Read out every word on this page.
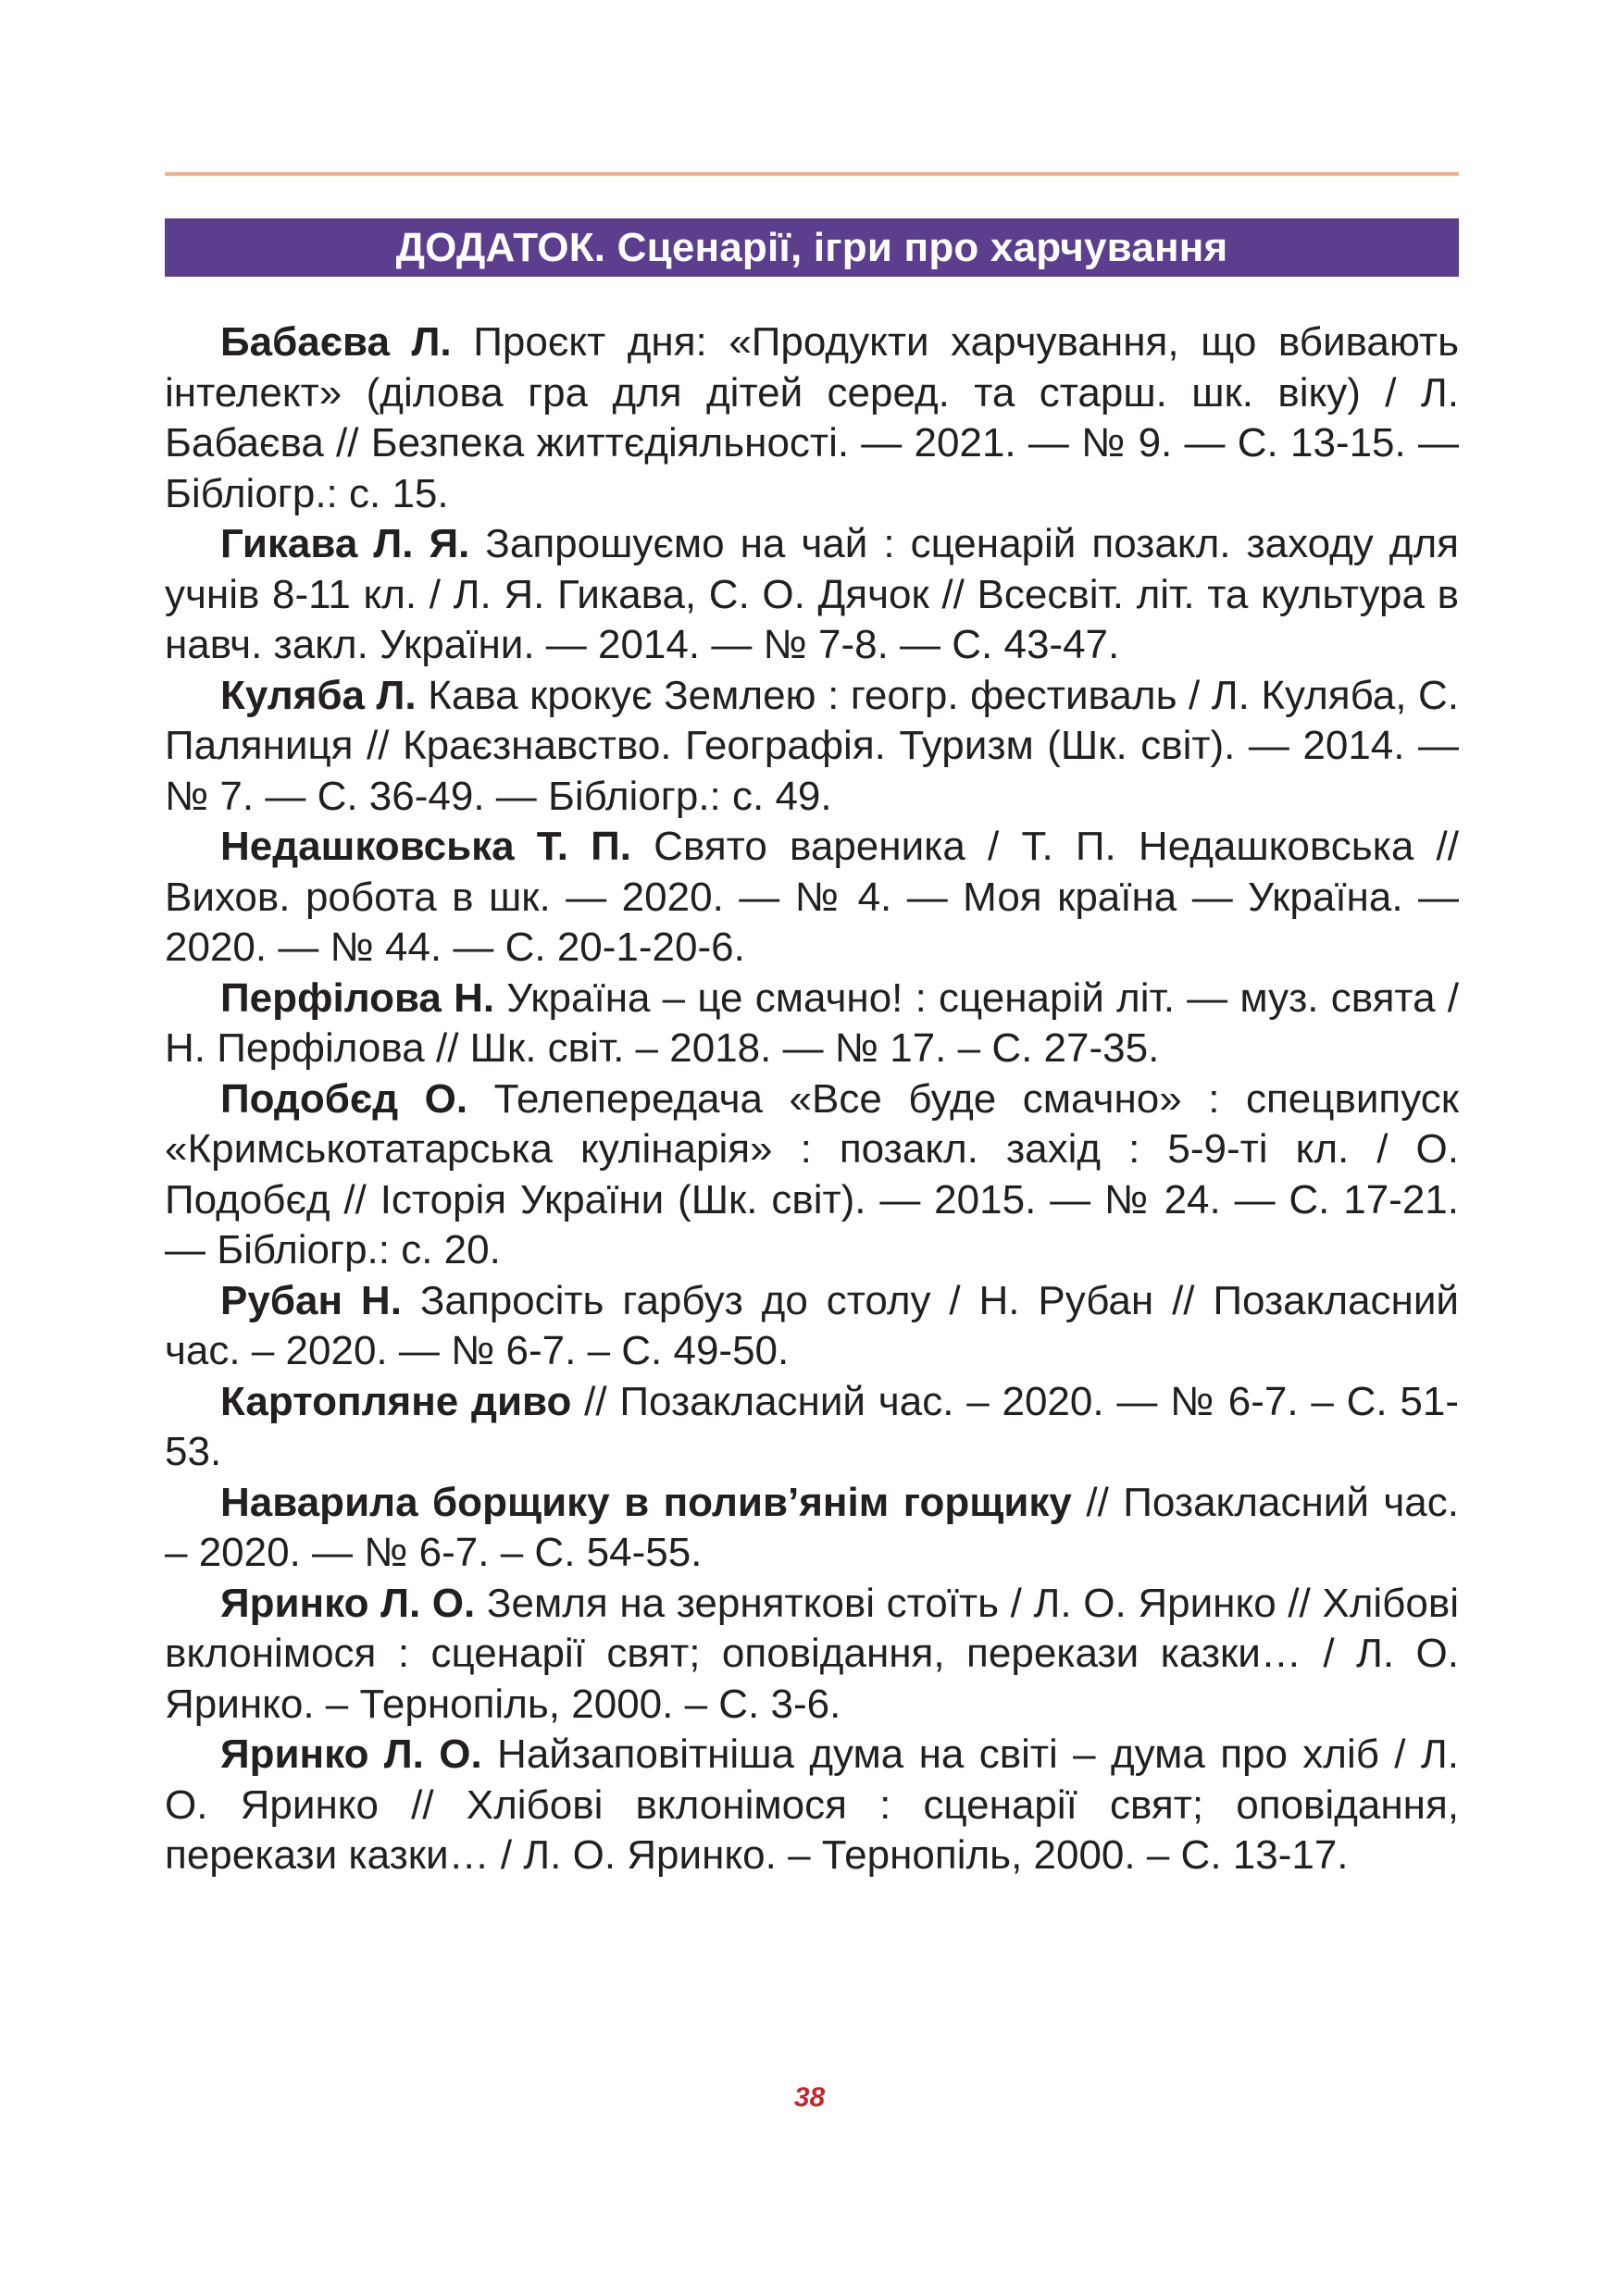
ДОДАТОК. Сценарії, ігри про харчування

Бабаєва Л. Проєкт дня: «Продукти харчування, що вбивають інтелект» (ділова гра для дітей серед. та старш. шк. віку) / Л. Бабаєва // Безпека життєдіяльності. — 2021. — № 9. — С. 13-15. — Бібліогр.: с. 15.

Гикава Л. Я. Запрошуємо на чай : сценарій позакл. заходу для учнів 8-11 кл. / Л. Я. Гикава, С. О. Дячок // Всесвіт. літ. та культура в навч. закл. України. — 2014. — № 7-8. — С. 43-47.

Куляба Л. Кава крокує Землею : геогр. фестиваль / Л. Куляба, С. Паляниця // Краєзнавство. Географія. Туризм (Шк. світ). — 2014. — № 7. — С. 36-49. — Бібліогр.: с. 49.

Недашковська Т. П. Свято вареника / Т. П. Недашковська // Вихов. робота в шк. — 2020. — № 4. — Моя країна — Україна. — 2020. — № 44. — С. 20-1-20-6.

Перфілова Н. Україна – це смачно! : сценарій літ. — муз. свята / Н. Перфілова // Шк. світ. – 2018. — № 17. – С. 27-35.

Подобєд О. Телепередача «Все буде смачно» : спецвипуск «Кримськотатарська кулінарія» : позакл. захід : 5-9-ті кл. / О. Подобєд // Історія України (Шк. світ). — 2015. — № 24. — С. 17-21. — Бібліогр.: с. 20.

Рубан Н. Запросіть гарбуз до столу / Н. Рубан // Позакласний час. – 2020. — № 6-7. – С. 49-50.

Картопляне диво // Позакласний час. – 2020. — № 6-7. – С. 51-53.

Наварила борщику в полив’янім горщику // Позакласний час. – 2020. — № 6-7. – С. 54-55.

Яринко Л. О. Земля на зерняткові стоїть / Л. О. Яринко // Хлібові вклонімося : сценарії свят; оповідання, перекази казки… / Л. О. Яринко. – Тернопіль, 2000. – С. 3-6.

Яринко Л. О. Найзаповітніша дума на світі – дума про хліб / Л. О. Яринко // Хлібові вклонімося : сценарії свят; оповідання, перекази казки… / Л. О. Яринко. – Тернопіль, 2000. – С. 13-17.

38
